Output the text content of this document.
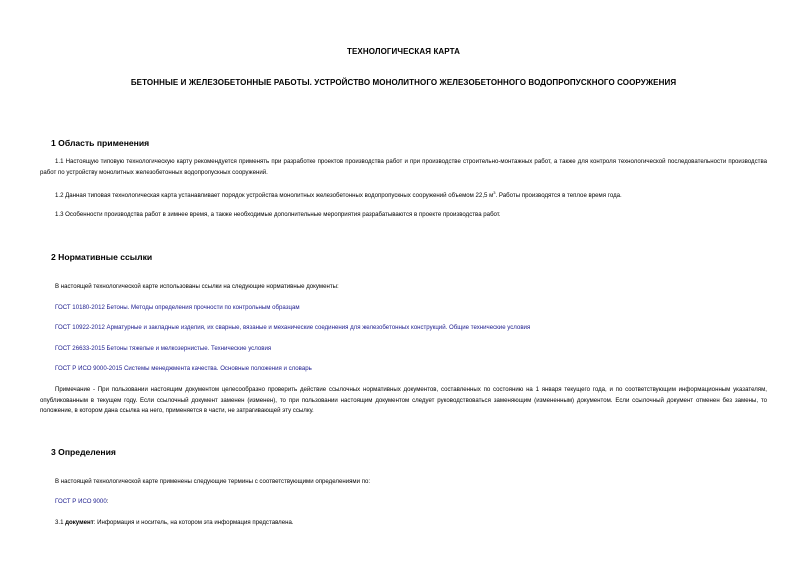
ТЕХНОЛОГИЧЕСКАЯ КАРТА
БЕТОННЫЕ И ЖЕЛЕЗОБЕТОННЫЕ РАБОТЫ. УСТРОЙСТВО МОНОЛИТНОГО ЖЕЛЕЗОБЕТОННОГО ВОДОПРОПУСКНОГО СООРУЖЕНИЯ
1 Область применения
1.1 Настоящую типовую технологическую карту рекомендуется применять при разработке проектов производства работ и при производстве строительно-монтажных работ, а также для контроля технологической последовательности производства работ по устройству монолитных железобетонных водопропускных сооружений.
1.2 Данная типовая технологическая карта устанавливает порядок устройства монолитных железобетонных водопропускных сооружений объемом 22,5 $м^3$. Работы производятся в теплое время года.
1.3 Особенности производства работ в зимнее время, а также необходимые дополнительные мероприятия разрабатываются в проекте производства работ.
2 Нормативные ссылки
В настоящей технологической карте использованы ссылки на следующие нормативные документы:
ГОСТ 10180-2012 Бетоны. Методы определения прочности по контрольным образцам
ГОСТ 10922-2012 Арматурные и закладные изделия, их сварные, вязаные и механические соединения для железобетонных конструкций. Общие технические условия
ГОСТ 26633-2015 Бетоны тяжелые и мелкозернистые. Технические условия
ГОСТ Р ИСО 9000-2015 Системы менеджмента качества. Основные положения и словарь
Примечание - При пользовании настоящим документом целесообразно проверить действие ссылочных нормативных документов, составленных по состоянию на 1 января текущего года, и по соответствующим информационным указателям, опубликованным в текущем году. Если ссылочный документ заменен (изменен), то при пользовании настоящим документом следует руководствоваться заменяющим (измененным) документом. Если ссылочный документ отменен без замены, то положение, в котором дана ссылка на него, применяется в части, не затрагивающей эту ссылку.
3 Определения
В настоящей технологической карте применены следующие термины с соответствующими определениями по:
ГОСТ Р ИСО 9000:
3.1 документ: Информация и носитель, на котором эта информация представлена.
